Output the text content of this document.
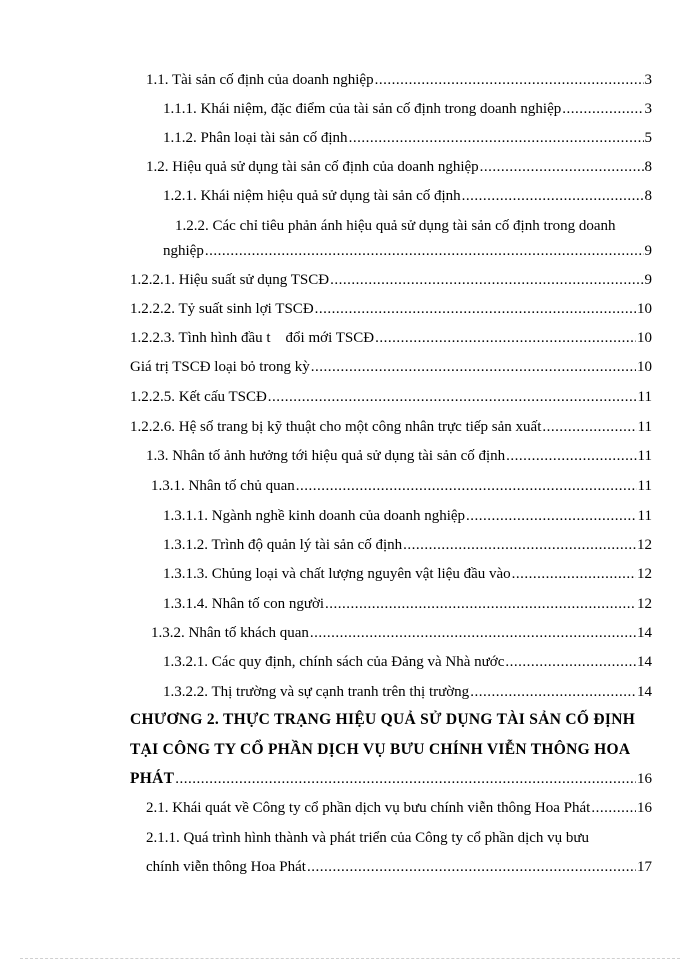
1.1. Tài sản cố định của doanh nghiệp .....	3
1.1.1. Khái niệm, đặc điểm của tài sản cố định trong doanh nghiệp .....	3
1.1.2. Phân loại tài sản cố định .....	5
1.2. Hiệu quả sử dụng tài sản cố định của doanh nghiệp .....	8
1.2.1. Khái niệm hiệu quả sử dụng tài sản cố định .....	8
1.2.2. Các chỉ tiêu phản ánh hiệu quả sử dụng tài sản cố định trong doanh
nghiệp .....	9
1.2.2.1. Hiệu suất sử dụng TSCĐ .....	9
1.2.2.2. Tỷ suất sinh lợi TSCĐ .....	10
1.2.2.3. Tình hình đầu t    đổi mới TSCĐ .....	10
Giá trị TSCĐ loại bỏ trong kỳ .....	10
1.2.2.5. Kết cấu TSCĐ .....	11
1.2.2.6. Hệ số trang bị kỹ thuật cho một công nhân trực tiếp sản xuất .....	11
1.3. Nhân tố ảnh hưởng tới hiệu quả sử dụng tài sản cố định .....	11
1.3.1. Nhân tố chủ quan .....	11
1.3.1.1. Ngành nghề kinh doanh của doanh nghiệp .....	11
1.3.1.2. Trình độ quản lý tài sản cố định .....	12
1.3.1.3. Chủng loại và chất lượng nguyên vật liệu đầu vào .....	12
1.3.1.4. Nhân tố con người .....	12
1.3.2. Nhân tố khách quan .....	14
1.3.2.1. Các quy định, chính sách của Đảng và Nhà nước .....	14
1.3.2.2. Thị trường và sự cạnh tranh trên thị trường .....	14
CHƯƠNG 2. THỰC TRẠNG HIỆU QUẢ SỬ DỤNG TÀI SẢN CỐ ĐỊNH
TẠI CÔNG TY CỔ PHẦN DỊCH VỤ BƯU CHÍNH VIỄN THÔNG HOA
PHÁT .....	16
2.1. Khái quát về Công ty cổ phần dịch vụ bưu chính viễn thông Hoa Phát .....	16
2.1.1. Quá trình hình thành và phát triển của Công ty cổ phần dịch vụ bưu
chính viễn thông Hoa Phát .....	17
